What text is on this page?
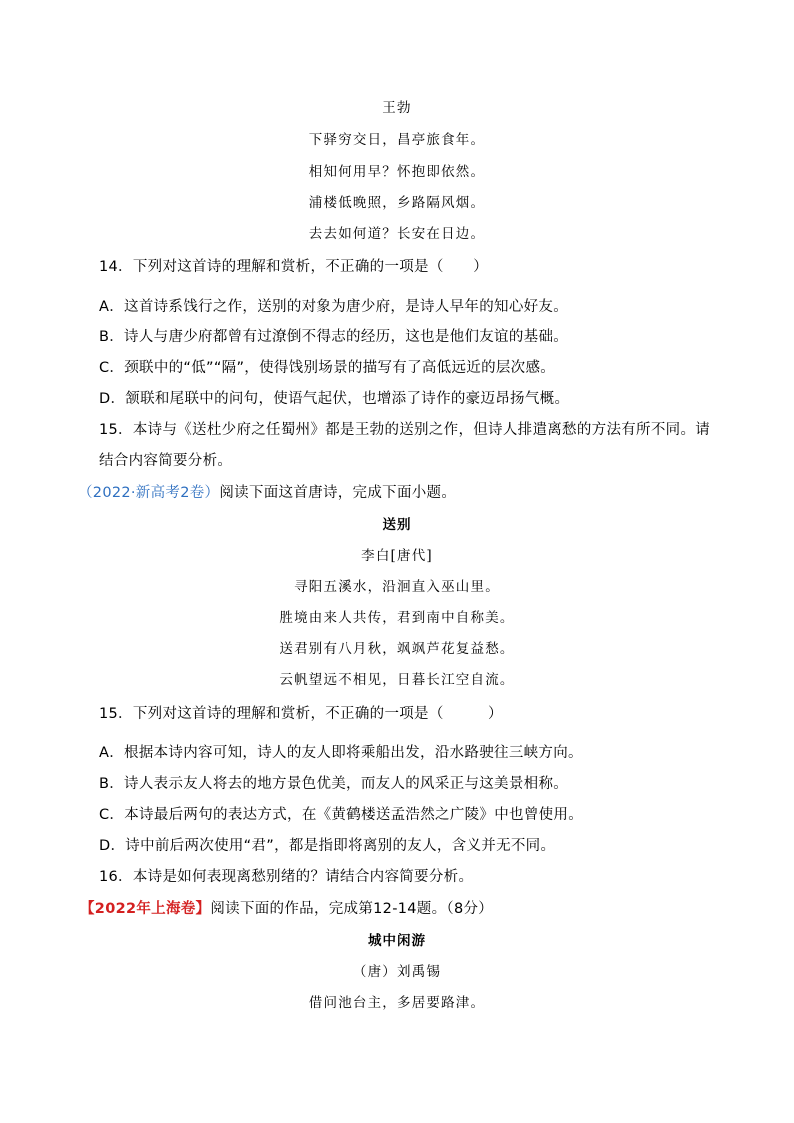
王勃
下驿穷交日，昌亭旅食年。
相知何用早？怀抱即依然。
浦楼低晚照，乡路隔风烟。
去去如何道？长安在日边。
14．下列对这首诗的理解和赏析，不正确的一项是（　　）
A．这首诗系饯行之作，送别的对象为唐少府，是诗人早年的知心好友。
B．诗人与唐少府都曾有过潦倒不得志的经历，这也是他们友谊的基础。
C．颈联中的“低”“隔”，使得饯别场景的描写有了高低远近的层次感。
D．颔联和尾联中的问句，使语气起伏，也增添了诗作的豪迈昂扬气概。
15．本诗与《送杜少府之任蜀州》都是王勃的送别之作，但诗人排遣离愁的方法有所不同。请
结合内容简要分析。
（2022·新高考2卷）阅读下面这首唐诗，完成下面小题。
送别
李白[唐代]
寻阳五溪水，沿洄直入巫山里。
胜境由来人共传，君到南中自称美。
送君别有八月秋，飒飒芦花复益愁。
云帆望远不相见，日暮长江空自流。
15．下列对这首诗的理解和赏析，不正确的一项是（　　　）
A．根据本诗内容可知，诗人的友人即将乘船出发，沿水路驶往三峡方向。
B．诗人表示友人将去的地方景色优美，而友人的风采正与这美景相称。
C．本诗最后两句的表达方式，在《黄鹤楼送孟浩然之广陵》中也曾使用。
D．诗中前后两次使用“君”，都是指即将离别的友人，含义并无不同。
16．本诗是如何表现离愁别绪的？请结合内容简要分析。
【2022年上海卷】阅读下面的作品，完成第12-14题。（8分）
城中闲游
（唐）刘禹锡
借问池台主，多居要路津。
